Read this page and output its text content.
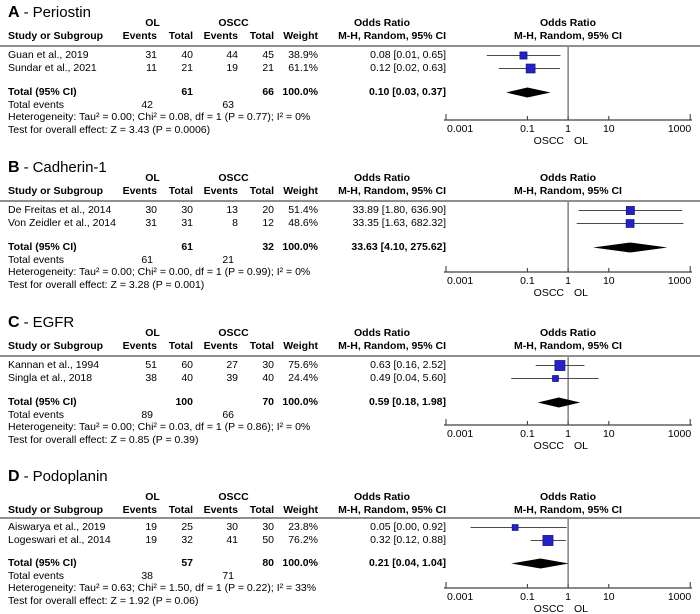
A - Periostin
OL	OSCC	Odds Ratio	Odds Ratio
Study or Subgroup	Events	Total	Events	Total Weight	M-H, Random, 95% CI	M-H, Random, 95% CI
Guan et al., 2019	31	40	44	45	38.9%	0.08 [0.01, 0.65]
Sundar et al., 2021	11	21	19	21	61.1%	0.12 [0.02, 0.63]
Total (95% CI)	61	66 100.0%	0.10 [0.03, 0.37]
Total events	42	63
Heterogeneity: Tau² = 0.00; Chi² = 0.08, df = 1 (P = 0.77); I² = 0%
Test for overall effect: Z = 3.43 (P = 0.0006)	0.001	0.1	1	10	1000
OSCC OL
B - Cadherin-1
OL	OSCC	Odds Ratio	Odds Ratio
Study or Subgroup	Events	Total	Events	Total Weight	M-H, Random, 95% CI	M-H, Random, 95% CI
De Freitas et al., 2014	30	30	13	20	51.4%	33.89 [1.80, 636.90]
Von Zeidler et al., 2014	31	31	8	12	48.6%	33.35 [1.63, 682.32]
Total (95% CI)	61	32 100.0%	33.63 [4.10, 275.62]
Total events	61	21
Heterogeneity: Tau² = 0.00; Chi² = 0.00, df = 1 (P = 0.99); I² = 0%
Test for overall effect: Z = 3.28 (P = 0.001)	0.001	0.1	1	10	1000
OSCC OL
C - EGFR
OL	OSCC	Odds Ratio	Odds Ratio
Study or Subgroup	Events	Total	Events	Total Weight	M-H, Random, 95% CI	M-H, Random, 95% CI
Kannan et al., 1994	51	60	27	30	75.6%	0.63 [0.16, 2.52]
Singla et al., 2018	38	40	39	40	24.4%	0.49 [0.04, 5.60]
Total (95% CI)	100	70 100.0%	0.59 [0.18, 1.98]
Total events	89	66
Heterogeneity: Tau² = 0.00; Chi² = 0.03, df = 1 (P = 0.86); I² = 0%
Test for overall effect: Z = 0.85 (P = 0.39)	0.001	0.1	1	10	1000
OSCC OL
D - Podoplanin
OL	OSCC	Odds Ratio	Odds Ratio
Study or Subgroup	Events	Total	Events	Total Weight	M-H, Random, 95% CI	M-H, Random, 95% CI
Aiswarya et al., 2019	19	25	30	30	23.8%	0.05 [0.00, 0.92]
Logeswari et al., 2014	19	32	41	50	76.2%	0.32 [0.12, 0.88]
Total (95% CI)	57	80 100.0%	0.21 [0.04, 1.04]
Total events	38	71
Heterogeneity: Tau² = 0.63; Chi² = 1.50, df = 1 (P = 0.22); I² = 33%
Test for overall effect: Z = 1.92 (P = 0.06)	0.001	0.1	1	10	1000
OSCC OL
